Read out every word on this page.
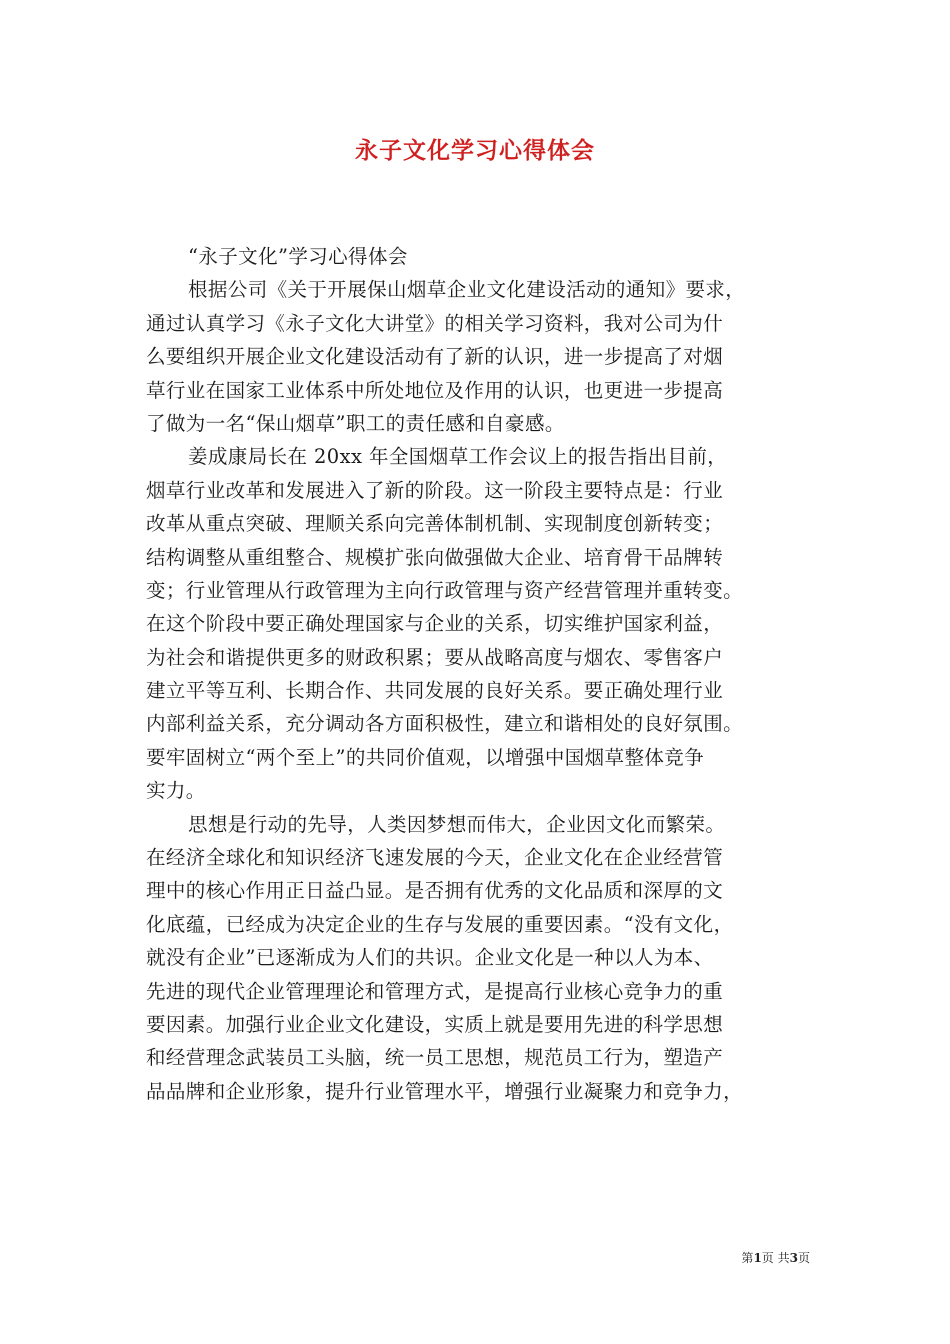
永子文化学习心得体会
“永子文化”学习心得体会
根据公司《关于开展保山烟草企业文化建设活动的通知》要求，
通过认真学习《永子文化大讲堂》的相关学习资料，我对公司为什
么要组织开展企业文化建设活动有了新的认识，进一步提高了对烟
草行业在国家工业体系中所处地位及作用的认识，也更进一步提高
了做为一名“保山烟草”职工的责任感和自豪感。
姜成康局长在 20xx 年全国烟草工作会议上的报告指出目前，
烟草行业改革和发展进入了新的阶段。这一阶段主要特点是：行业
改革从重点突破、理顺关系向完善体制机制、实现制度创新转变；
结构调整从重组整合、规模扩张向做强做大企业、培育骨干品牌转
变；行业管理从行政管理为主向行政管理与资产经营管理并重转变。
在这个阶段中要正确处理国家与企业的关系，切实维护国家利益，
为社会和谐提供更多的财政积累；要从战略高度与烟农、零售客户
建立平等互利、长期合作、共同发展的良好关系。要正确处理行业
内部利益关系，充分调动各方面积极性，建立和谐相处的良好氛围。
要牢固树立“两个至上”的共同价值观，以增强中国烟草整体竞争
实力。
思想是行动的先导，人类因梦想而伟大，企业因文化而繁荣。
在经济全球化和知识经济飞速发展的今天，企业文化在企业经营管
理中的核心作用正日益凸显。是否拥有优秀的文化品质和深厚的文
化底蕴，已经成为决定企业的生存与发展的重要因素。“没有文化，
就没有企业”已逐渐成为人们的共识。企业文化是一种以人为本、
先进的现代企业管理理论和管理方式，是提高行业核心竞争力的重
要因素。加强行业企业文化建设，实质上就是要用先进的科学思想
和经营理念武装员工头脑，统一员工思想，规范员工行为，塑造产
品品牌和企业形象，提升行业管理水平，增强行业凝聚力和竞争力，
第1页 共3页
